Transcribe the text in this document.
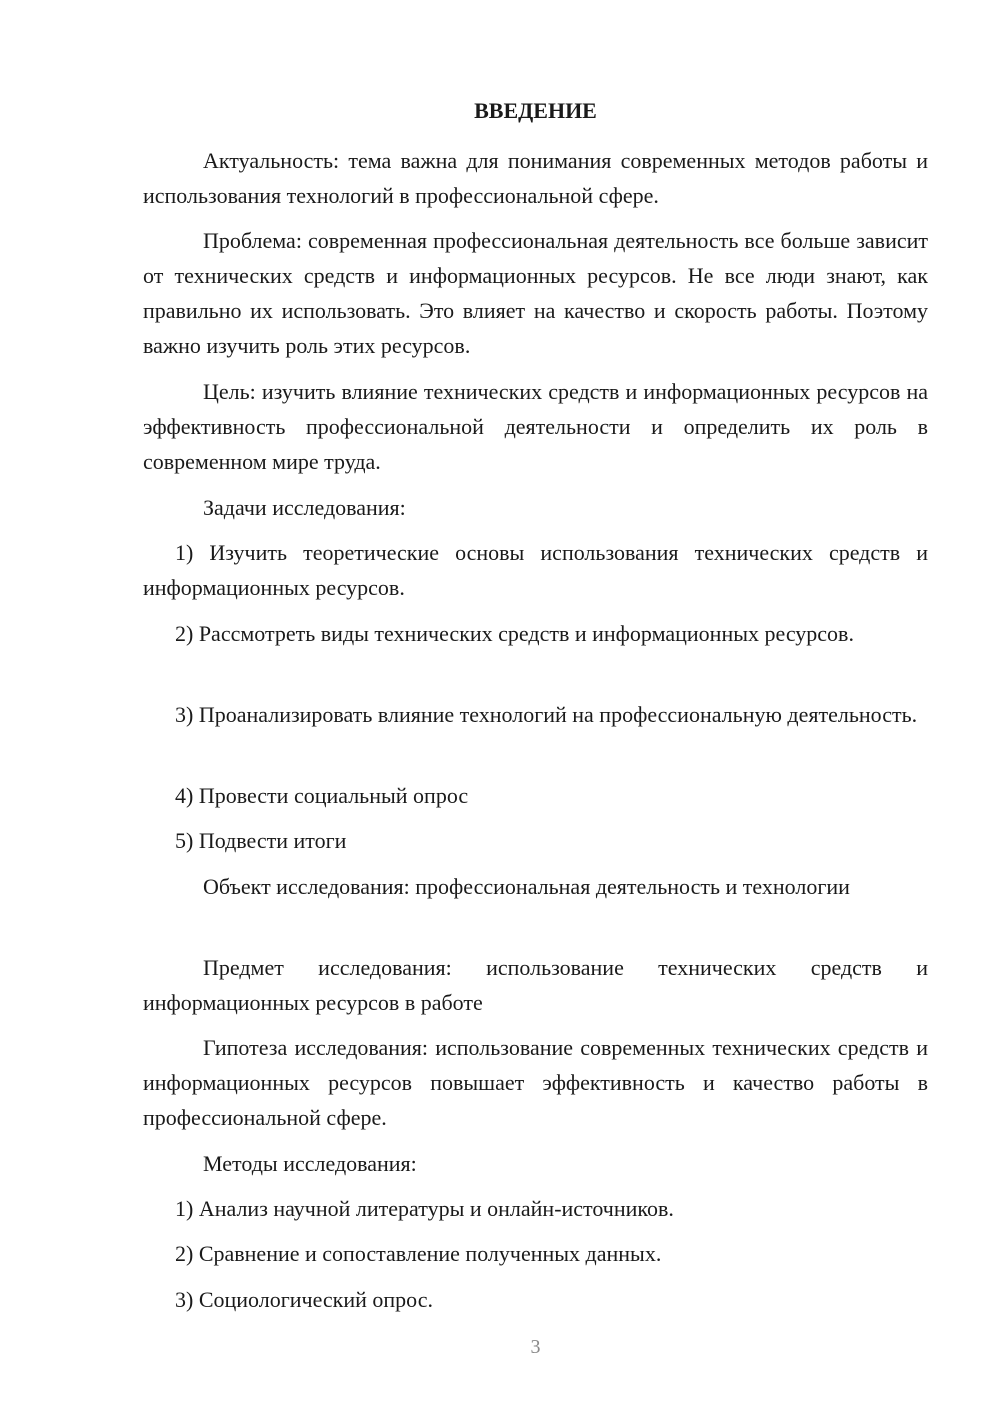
ВВЕДЕНИЕ

Актуальность: тема важна для понимания современных методов работы и использования технологий в профессиональной сфере.

Проблема: современная профессиональная деятельность все больше зависит от технических средств и информационных ресурсов. Не все люди знают, как правильно их использовать. Это влияет на качество и скорость работы. Поэтому важно изучить роль этих ресурсов.

Цель: изучить влияние технических средств и информационных ресурсов на эффективность профессиональной деятельности и определить их роль в современном мире труда.

Задачи исследования:

1) Изучить теоретические основы использования технических средств и информационных ресурсов.

2) Рассмотреть виды технических средств и информационных ресурсов.

3) Проанализировать влияние технологий на профессиональную деятельность.

4) Провести социальный опрос

5) Подвести итоги

Объект исследования: профессиональная деятельность и технологии

Предмет исследования: использование технических средств и информационных ресурсов в работе

Гипотеза исследования: использование современных технических средств и информационных ресурсов повышает эффективность и качество работы в профессиональной сфере.

Методы исследования:

1) Анализ научной литературы и онлайн-источников.

2) Сравнение и сопоставление полученных данных.

3) Социологический опрос.

3
